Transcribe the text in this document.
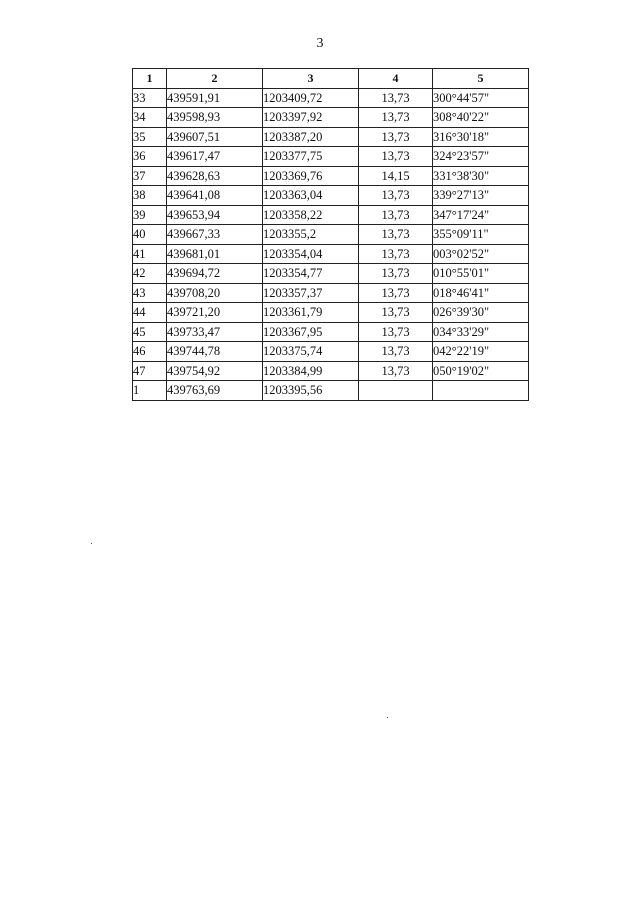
3
1	2	3	4	5
33	439591,91	1203409,72	13,73	300°44'57"
34	439598,93	1203397,92	13,73	308°40'22"
35	439607,51	1203387,20	13,73	316°30'18"
36	439617,47	1203377,75	13,73	324°23'57"
37	439628,63	1203369,76	14,15	331°38'30"
38	439641,08	1203363,04	13,73	339°27'13"
39	439653,94	1203358,22	13,73	347°17'24"
40	439667,33	1203355,2	13,73	355°09'11"
41	439681,01	1203354,04	13,73	003°02'52"
42	439694,72	1203354,77	13,73	010°55'01"
43	439708,20	1203357,37	13,73	018°46'41"
44	439721,20	1203361,79	13,73	026°39'30"
45	439733,47	1203367,95	13,73	034°33'29"
46	439744,78	1203375,74	13,73	042°22'19"
47	439754,92	1203384,99	13,73	050°19'02"
1	439763,69	1203395,56		
